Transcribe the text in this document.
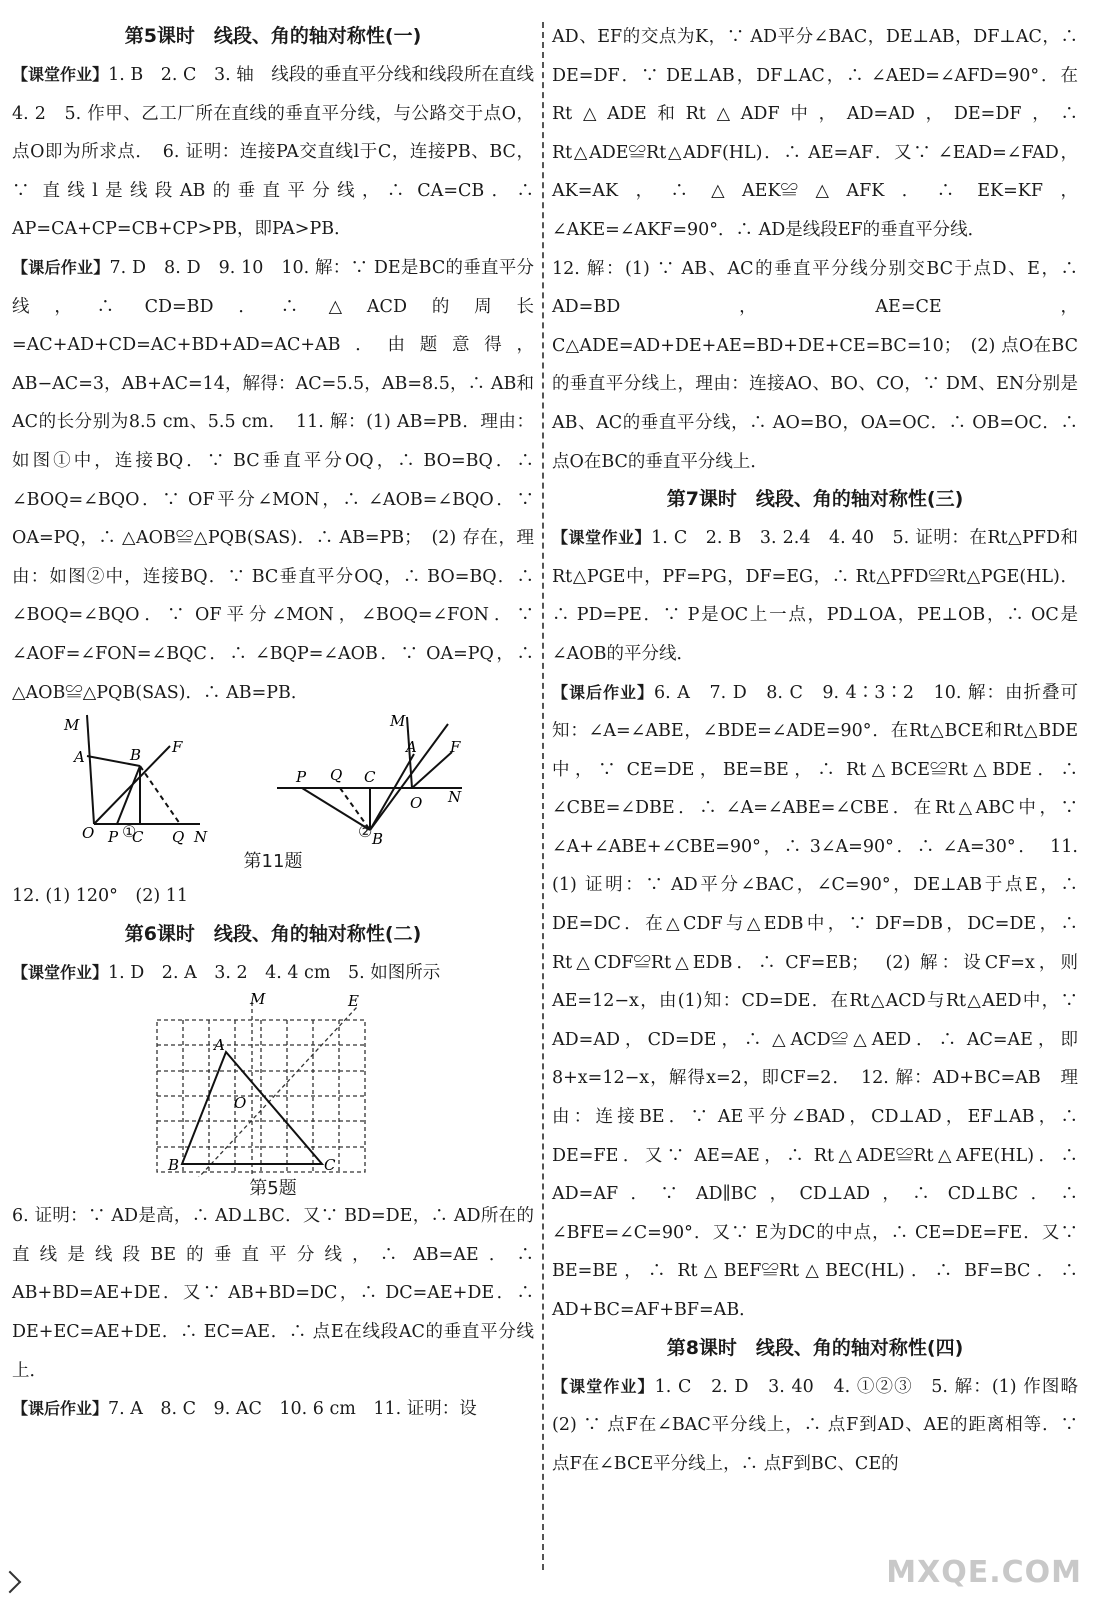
第5课时　线段、角的轴对称性(一)

【课堂作业】1. B　2. C　3. 轴　线段的垂直平分线和线段所在直线　4. 2　5. 作甲、乙工厂所在直线的垂直平分线，与公路交于点O，点O即为所求点．　6. 证明：连接PA交直线l于C，连接PB、BC，∵ 直线l是线段AB的垂直平分线，∴ CA=CB．∴ AP=CA+CP=CB+CP>PB，即PA>PB．

【课后作业】7. D　8. D　9. 10　10. 解：∵ DE是BC的垂直平分线，∴ CD=BD．∴ △ACD的周长=AC+AD+CD=AC+BD+AD=AC+AB．由题意得，AB−AC=3，AB+AC=14，解得：AC=5.5，AB=8.5，∴ AB和AC的长分别为8.5 cm、5.5 cm．　11. 解：(1) AB=PB．理由：如图①中，连接BQ．∵ BC垂直平分OQ，∴ BO=BQ．∴ ∠BOQ=∠BQO．∵ OF平分∠MON，∴ ∠AOB=∠BQO．∵ OA=PQ，∴ △AOB≌△PQB(SAS)．∴ AB=PB；　(2) 存在，理由：如图②中，连接BQ．∵ BC垂直平分OQ，∴ BO=BQ．∴ ∠BOQ=∠BQO．∵ OF平分∠MON，∠BOQ=∠FON．∵ ∠AOF=∠FON=∠BQC．∴ ∠BQP=∠AOB．∵ OA=PQ，∴ △AOB≌△PQB(SAS)．∴ AB=PB．

M
A	B F
O P C Q N
M
A F
P Q C
O N
B
①	②
第11题

12. (1) 120°　(2) 11

第6课时　线段、角的轴对称性(二)

【课堂作业】1. D　2. A　3. 2　4. 4 cm　5. 如图所示

M	E
A
O
B	C
第5题

6. 证明：∵ AD是高，∴ AD⊥BC．又∵ BD=DE，∴ AD所在的直线是线段BE的垂直平分线，∴ AB=AE．∴ AB+BD=AE+DE．又∵ AB+BD=DC，∴ DC=AE+DE．∴ DE+EC=AE+DE．∴ EC=AE．∴ 点E在线段AC的垂直平分线上．

【课后作业】7. A　8. C　9. AC　10. 6 cm　11. 证明：设

AD、EF的交点为K，∵ AD平分∠BAC，DE⊥AB，DF⊥AC，∴ DE=DF．∵ DE⊥AB，DF⊥AC，∴ ∠AED=∠AFD=90°．在Rt△ADE和Rt△ADF中，AD=AD，DE=DF，∴ Rt△ADE≌Rt△ADF(HL)．∴ AE=AF．又∵ ∠EAD=∠FAD，AK=AK，∴ △AEK≌△AFK．∴ EK=KF，∠AKE=∠AKF=90°．∴ AD是线段EF的垂直平分线．

12. 解：(1) ∵ AB、AC的垂直平分线分别交BC于点D、E，∴ AD=BD，AE=CE，C△ADE=AD+DE+AE=BD+DE+CE=BC=10；　(2) 点O在BC的垂直平分线上，理由：连接AO、BO、CO，∵ DM、EN分别是AB、AC的垂直平分线，∴ AO=BO，OA=OC．∴ OB=OC．∴ 点O在BC的垂直平分线上．

第7课时　线段、角的轴对称性(三)

【课堂作业】1. C　2. B　3. 2.4　4. 40　5. 证明：在Rt△PFD和Rt△PGE中，PF=PG，DF=EG，∴ Rt△PFD≌Rt△PGE(HL)．∴ PD=PE．∵ P是OC上一点，PD⊥OA，PE⊥OB，∴ OC是∠AOB的平分线．

【课后作业】6. A　7. D　8. C　9. 4∶3∶2　10. 解：由折叠可知：∠A=∠ABE，∠BDE=∠ADE=90°．在Rt△BCE和Rt△BDE中，∵ CE=DE，BE=BE，∴ Rt△BCE≌Rt△BDE．∴ ∠CBE=∠DBE．∴ ∠A=∠ABE=∠CBE．在Rt△ABC中，∵ ∠A+∠ABE+∠CBE=90°，∴ 3∠A=90°．∴ ∠A=30°．　11. (1) 证明：∵ AD平分∠BAC，∠C=90°，DE⊥AB于点E，∴ DE=DC．在△CDF与△EDB中，∵ DF=DB，DC=DE，∴ Rt△CDF≌Rt△EDB．∴ CF=EB；　(2) 解：设CF=x，则AE=12−x，由(1)知：CD=DE．在Rt△ACD与Rt△AED中，∵ AD=AD，CD=DE，∴ △ACD≌△AED．∴ AC=AE，即8+x=12−x，解得x=2，即CF=2．　12. 解：AD+BC=AB　理由：连接BE．∵ AE平分∠BAD，CD⊥AD，EF⊥AB，∴ DE=FE．又∵ AE=AE，∴ Rt△ADE≌Rt△AFE(HL)．∴ AD=AF．∵ AD∥BC，CD⊥AD，∴ CD⊥BC．∴ ∠BFE=∠C=90°．又∵ E为DC的中点，∴ CE=DE=FE．又∵ BE=BE，∴ Rt△BEF≌Rt△BEC(HL)．∴ BF=BC．∴ AD+BC=AF+BF=AB．

第8课时　线段、角的轴对称性(四)

【课堂作业】1. C　2. D　3. 40　4. ①②③　5. 解：(1) 作图略　(2) ∵ 点F在∠BAC平分线上，∴ 点F到AD、AE的距离相等．∵ 点F在∠BCE平分线上，∴ 点F到BC、CE的

MXQE.COM
